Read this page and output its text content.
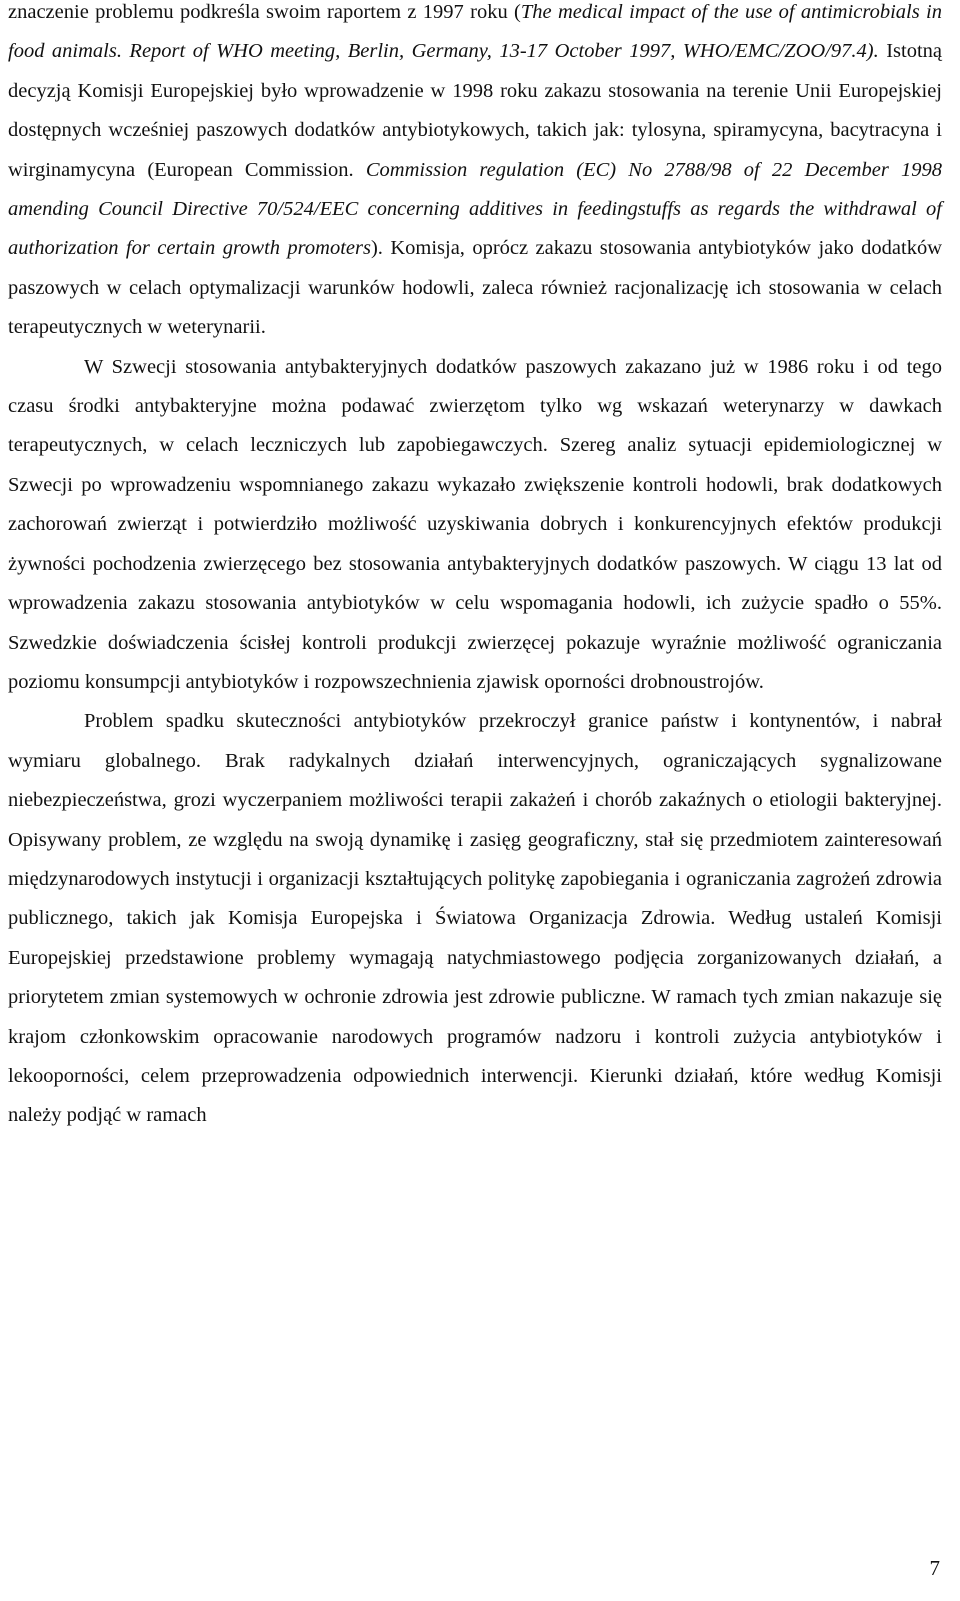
znaczenie problemu podkreśla swoim raportem z 1997 roku (The medical impact of the use of antimicrobials in food animals. Report of WHO meeting, Berlin, Germany, 13-17 October 1997, WHO/EMC/ZOO/97.4). Istotną decyzją Komisji Europejskiej było wprowadzenie w 1998 roku zakazu stosowania na terenie Unii Europejskiej dostępnych wcześniej paszowych dodatków antybiotykowych, takich jak: tylosyna, spiramycyna, bacytracyna i wirginamycyna (European Commission. Commission regulation (EC) No 2788/98 of 22 December 1998 amending Council Directive 70/524/EEC concerning additives in feedingstuffs as regards the withdrawal of authorization for certain growth promoters). Komisja, oprócz zakazu stosowania antybiotyków jako dodatków paszowych w celach optymalizacji warunków hodowli, zaleca również racjonalizację ich stosowania w celach terapeutycznych w weterynarii.

W Szwecji stosowania antybakteryjnych dodatków paszowych zakazano już w 1986 roku i od tego czasu środki antybakteryjne można podawać zwierzętom tylko wg wskazań weterynarzy w dawkach terapeutycznych, w celach leczniczych lub zapobiegawczych. Szereg analiz sytuacji epidemiologicznej w Szwecji po wprowadzeniu wspomnianego zakazu wykazało zwiększenie kontroli hodowli, brak dodatkowych zachorowań zwierząt i potwierdziło możliwość uzyskiwania dobrych i konkurencyjnych efektów produkcji żywności pochodzenia zwierzęcego bez stosowania antybakteryjnych dodatków paszowych. W ciągu 13 lat od wprowadzenia zakazu stosowania antybiotyków w celu wspomagania hodowli, ich zużycie spadło o 55%. Szwedzkie doświadczenia ścisłej kontroli produkcji zwierzęcej pokazuje wyraźnie możliwość ograniczania poziomu konsumpcji antybiotyków i rozpowszechnienia zjawisk oporności drobnoustrojów.

Problem spadku skuteczności antybiotyków przekroczył granice państw i kontynentów, i nabrał wymiaru globalnego. Brak radykalnych działań interwencyjnych, ograniczających sygnalizowane niebezpieczeństwa, grozi wyczerpaniem możliwości terapii zakażeń i chorób zakaźnych o etiologii bakteryjnej. Opisywany problem, ze względu na swoją dynamikę i zasięg geograficzny, stał się przedmiotem zainteresowań międzynarodowych instytucji i organizacji kształtujących politykę zapobiegania i ograniczania zagrożeń zdrowia publicznego, takich jak Komisja Europejska i Światowa Organizacja Zdrowia. Według ustaleń Komisji Europejskiej przedstawione problemy wymagają natychmiastowego podjęcia zorganizowanych działań, a priorytetem zmian systemowych w ochronie zdrowia jest zdrowie publiczne. W ramach tych zmian nakazuje się krajom członkowskim opracowanie narodowych programów nadzoru i kontroli zużycia antybiotyków i lekooporności, celem przeprowadzenia odpowiednich interwencji. Kierunki działań, które według Komisji należy podjąć w ramach

7
